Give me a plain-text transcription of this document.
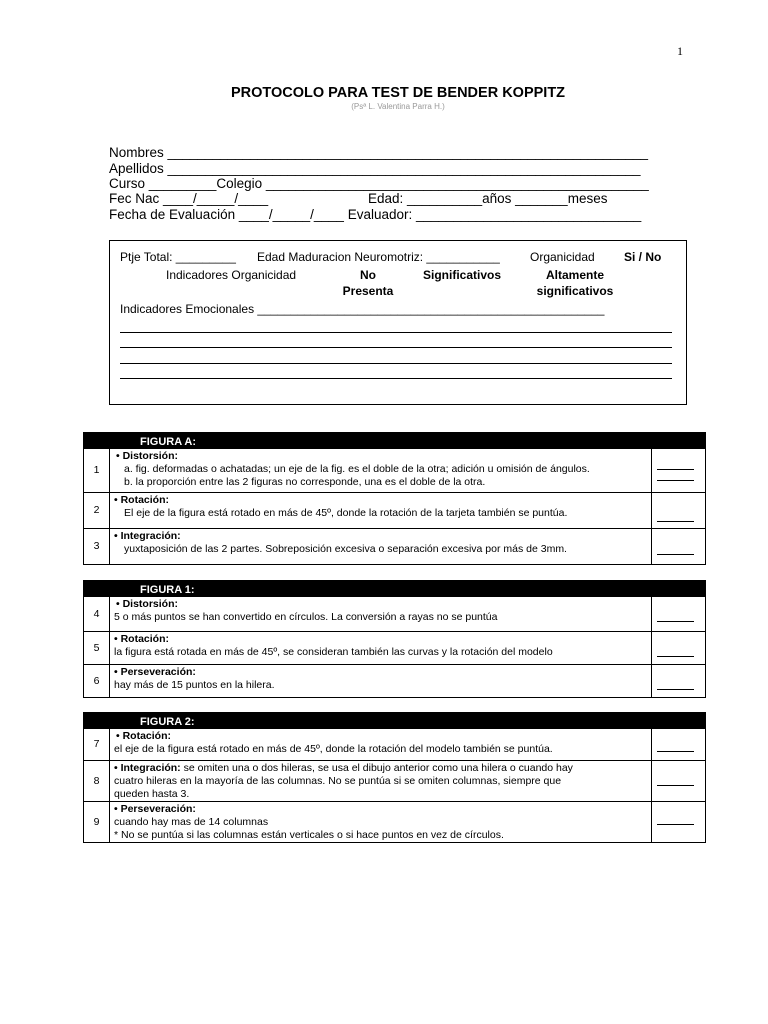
1
PROTOCOLO PARA TEST DE BENDER KOPPITZ
(Psª L. Valentina Parra H.)
Nombres ________________________________________________________________
Apellidos _______________________________________________________________
Curso _________Colegio ___________________________________________________
Fec Nac ____/_____/____	Edad: __________años _______meses
Fecha de Evaluación ____/_____/____ Evaluador: ______________________________
Ptje Total: _________ Edad Maduracion Neuromotriz: ___________	Organicidad Si / No
Indicadores Organicidad	No
Presenta
Significativos	Altamente
significativos
Indicadores Emocionales ____________________________________________________
	FIGURA A:	
1	• Distorsión:
a. fig. deformadas o achatadas; un eje de la fig. es el doble de la otra; adición u omisión de ángulos.
b. la proporción entre las 2 figuras no corresponde, una es el doble de la otra.	

2	• Rotación:
El eje de la figura está rotado en más de 45º, donde la rotación de la tarjeta también se puntúa.	

3	• Integración:
yuxtaposición de las 2 partes. Sobreposición excesiva o separación excesiva por más de 3mm.	

	FIGURA 1:	
4	• Distorsión:
5 o más puntos se han convertido en círculos. La conversión a rayas no se puntúa	

5	• Rotación:
la figura está rotada en más de 45º, se consideran también las curvas y la rotación del modelo	

6	• Perseveración:
hay más de 15 puntos en la hilera.	

	FIGURA 2:	
7	• Rotación:
el eje de la figura está rotado en más de 45º, donde la rotación del modelo también se puntúa.	

8	• Integración: se omiten una o dos hileras, se usa el dibujo anterior como una hilera o cuando hay
cuatro hileras en la mayoría de las columnas. No se puntúa si se omiten columnas, siempre que
queden hasta 3.	

9	• Perseveración:
cuando hay mas de 14 columnas
* No se puntúa si las columnas están verticales o si hace puntos en vez de círculos.	
